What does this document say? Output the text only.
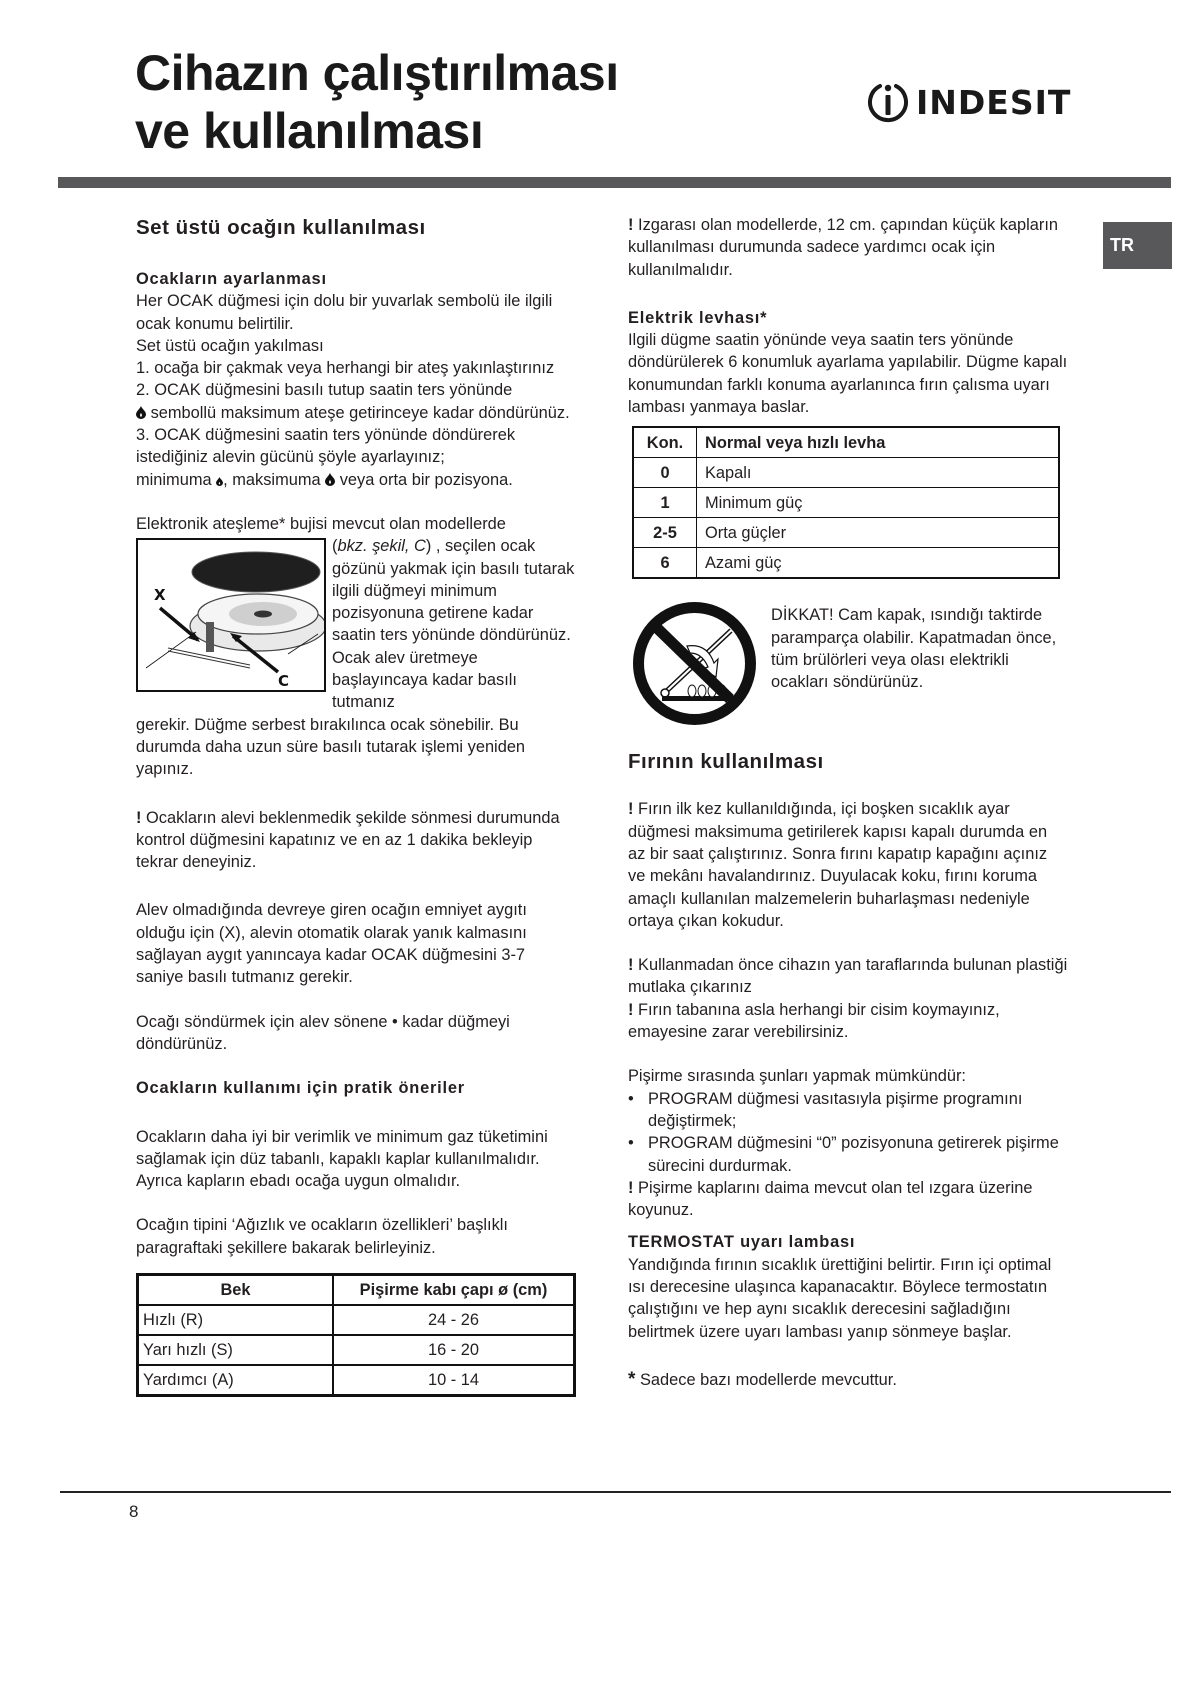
Cihazın çalıştırılması
ve kullanılması
INDESIT
TR
Set üstü ocağın kullanılması
Ocakların ayarlanması

Her OCAK düğmesi için dolu bir yuvarlak sembolü ile ilgili ocak konumu belirtilir.

Set üstü ocağın yakılması

1. ocağa bir çakmak veya herhangi bir ateş yakınlaştırınız

2. OCAK düğmesini basılı tutup saatin ters yönünde

sembollü maksimum ateşe getirinceye kadar döndürünüz.

3. OCAK düğmesini saatin ters yönünde döndürerek istediğiniz alevin gücünü şöyle ayarlayınız;

minimuma , maksimuma veya orta bir pozisyona.

Elektronik ateşleme* bujisi mevcut olan modellerde

X
C
(bkz. şekil, C) , seçilen ocak gözünü yakmak için basılı tutarak ilgili düğmeyi minimum pozisyonuna getirene kadar saatin ters yönünde döndürünüz. Ocak alev üretmeye başlayıncaya kadar basılı tutmanız

gerekir. Düğme serbest bırakılınca ocak sönebilir. Bu durumda daha uzun süre basılı tutarak işlemi yeniden yapınız.

! Ocakların alevi beklenmedik şekilde sönmesi durumunda kontrol düğmesini kapatınız ve en az 1 dakika bekleyip tekrar deneyiniz.

Alev olmadığında devreye giren ocağın emniyet aygıtı olduğu için (X), alevin otomatik olarak yanık kalmasını sağlayan aygıt yanıncaya kadar OCAK düğmesini 3-7 saniye basılı tutmanız gerekir.

Ocağı söndürmek için alev sönene • kadar düğmeyi döndürünüz.

Ocakların kullanımı için pratik öneriler

Ocakların daha iyi bir verimlik ve minimum gaz tüketimini sağlamak için düz tabanlı, kapaklı kaplar kullanılmalıdır. Ayrıca kapların ebadı ocağa uygun olmalıdır.

Ocağın tipini ‘Ağızlık ve ocakların özellikleri’ başlıklı paragraftaki şekillere bakarak belirleyiniz.

Bek	Pişirme kabı çapı ø (cm)
Hızlı (R)	24 - 26
Yarı hızlı (S)	16 - 20
Yardımcı (A)	10 - 14

! Izgarası olan modellerde, 12 cm. çapından küçük kapların kullanılması durumunda sadece yardımcı ocak için kullanılmalıdır.

Elektrik levhası*

Ilgili dügme saatin yönünde veya saatin ters yönünde döndürülerek 6 konumluk ayarlama yapılabilir. Dügme kapalı konumundan farklı konuma ayarlanınca fırın çalısma uyarı lambası yanmaya baslar.

Kon.	Normal veya hızlı levha
0	Kapalı
1	Minimum güç
2-5	Orta güçler
6	Azami güç

DİKKAT! Cam kapak, ısındığı taktirde paramparça olabilir. Kapatmadan önce, tüm brülörleri veya olası elektrikli ocakları söndürünüz.

Fırının kullanılması

! Fırın ilk kez kullanıldığında, içi boşken sıcaklık ayar düğmesi maksimuma getirilerek kapısı kapalı durumda en az bir saat çalıştırınız. Sonra fırını kapatıp kapağını açınız ve mekânı havalandırınız. Duyulacak koku, fırını koruma amaçlı kullanılan malzemelerin buharlaşması nedeniyle ortaya çıkan kokudur.

! Kullanmadan önce cihazın yan taraflarında bulunan plastiği mutlaka çıkarınız

! Fırın tabanına asla herhangi bir cisim koymayınız, emayesine zarar verebilirsiniz.

Pişirme sırasında şunları yapmak mümkündür:

• PROGRAM düğmesi vasıtasıyla pişirme programını değiştirmek;
• PROGRAM düğmesini “0” pozisyonuna getirerek pişirme sürecini durdurmak.

! Pişirme kaplarını daima mevcut olan tel ızgara üzerine koyunuz.

TERMOSTAT uyarı lambası

Yandığında fırının sıcaklık ürettiğini belirtir. Fırın içi optimal ısı derecesine ulaşınca kapanacaktır. Böylece termostatın çalıştığını ve hep aynı sıcaklık derecesini sağladığını belirtmek üzere uyarı lambası yanıp sönmeye başlar.

* Sadece bazı modellerde mevcuttur.

8
